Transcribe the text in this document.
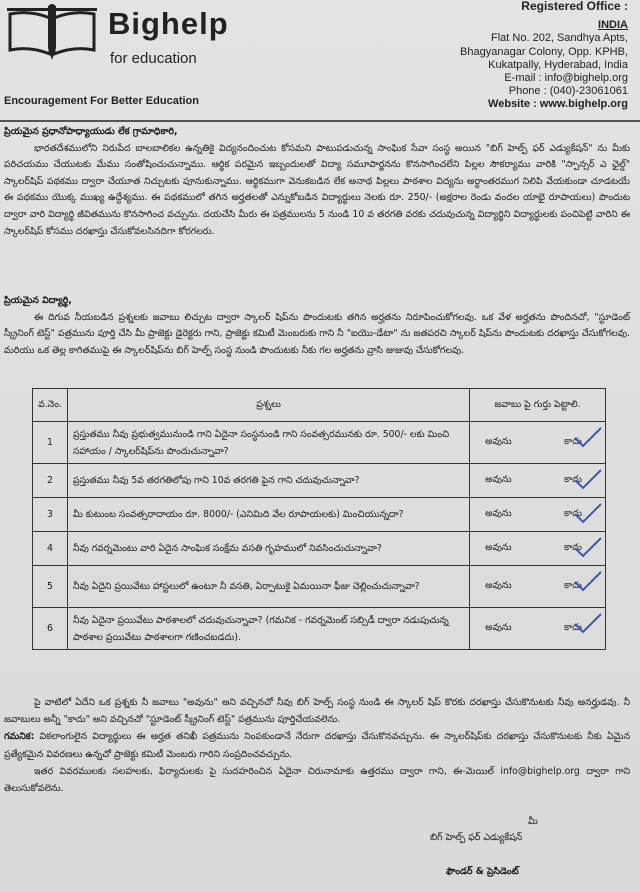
Bighelp
for education
Encouragement For Better Education
Registered Office :
INDIA
Flat No. 202, Sandhya Apts,
Bhagyanagar Colony, Opp. KPHB,
Kukatpally, Hyderabad, India
E-mail : info@bighelp.org
Phone : (040)-23061061
Website : www.bighelp.org
ప్రియమైన ప్రధానోపాధ్యాయుడు లేక గ్రామాధికారి,
భారతదేశములోని నిరుపేద బాలబాలికల ఉన్నతికై విద్యనందించుట కోసమని పాటుపడుచున్న సాంఘిక సేవా సంస్థ అయిన "బిగ్ హెల్ప్ ఫర్ ఎడ్యుకేషన్" ను మీకు పరిచయము చేయుటకు మేము సంతోషించుచున్నాము. ఆర్థిక పరమైన ఇబ్బందులతో విద్యా సమూపార్జనను కొనసాగించలేని పిల్లల సౌకర్యాము వారికి "స్పాన్సర్ ఎ ఛైల్డ్" స్కాలర్‌షిప్ పథకము ద్వారా చేయూత నిచ్చుటకు పూనుకున్నాము. ఆర్థికముగా వెనుకబడిన లేక అనాథ పిల్లలు పాఠశాల విద్యను అర్ధాంతరముగ నిలిపి వేయకుండా చూడటయే ఈ పథకము యొక్క ముఖ్య ఉద్దేశ్యము. ఈ పథకములో తగిన అర్హతలతో ఎన్నుకోబడిన విద్యార్థులు నెలకు రూ. 250/- (అక్షరాల రెండు వందల యాభై రూపాయలు) పొందుట ద్వారా వారి విద్యార్థి జీవితమును కొనసాగించ వచ్చును. దయచేసి మీరు ఈ పత్రములను 5 నుండి 10 వ తరగతి వరకు చదువుచున్న విద్యార్థిని విద్యార్థులకు పంచిపెట్టి వారిని ఈ స్కాలర్‌షిప్ కోసము దరఖాస్తు చేసుకోవలసినదిగా కోరగలరు.
ప్రియమైన విద్యార్థి,
ఈ దిగువ నీయబడిన ప్రశ్నలకు జవాబు లిచ్చుట ద్వారా స్కాలర్ షిప్‌ను పొందుటకు తగిన అర్హతను నిరూపించుకోగలవు. ఒక వేళ అర్హతను పొందినచో, "స్టూడెంట్ స్క్రీనింగ్ టెస్ట్" పత్రమును పూర్తి చేసి మీ ప్రాజెక్టు డైరెక్టరు గాని, ప్రాజెక్టు కమిటీ మెంబరుకు గాని నీ "ఐయొ-డేటా" ను జతపరచి స్కాలర్ షిప్‌ను పొందుటకు దరఖాస్తు చేసుకోగలవు. మరియు ఒక తెల్ల కాగితముపై ఈ స్కాలర్‌షిప్‌ను బిగ్ హెల్ప్ సంస్థ నుండి పొందుటకు నీకు గల అర్హతను వ్రాసి జుజువు చేసుకోగలవు.
వ.నెం.	ప్రశ్నలు	జవాబు పై గుర్తు పెట్టాలి.
1	ప్రస్తుతము నీవు ప్రభుత్వమునుండి గాని ఏదైనా సంస్థనుండి గాని సంవత్సరమునకు రూ. 500/- లకు మించి సహాయం / స్కాలర్‌షిప్‌ను పొందుచున్నావా?	అవును కాదు

2	ప్రస్తుతము నీవు 5వ తరగతిలోపు గాని 10వ తరగతి పైన గాని చదువుచున్నావా?	అవును కాదు

3	మీ కుటుంబ సంవత్సరాదాయం రూ. 8000/- (ఎనిమిది వేల రూపాయలకు) మించియున్నదా?	అవును కాదు

4	నీవు గవర్నమెంటు వారి ఏదైన సాంఘిక సంక్షేమ వసతి గృహములో నివసించుచున్నావా?	అవును కాదు

5	నీవు ఏదైని ప్రయివేటు హాస్టలులో ఉంటూ నీ వసతి, ఏర్పాటుకై ఏమయినా ఫీజు చెల్లించుచున్నావా?	అవును కాదు

6	నీవు ఏదైనా ప్రయివేటు పాఠశాలలో చదువుచున్నావా? (గమనిక - గవర్నమెంట్ సబ్సిడీ ద్వారా నడుపుచున్న పాఠశాల ప్రయివేటు పాఠశాలగా గణించబడదు).	అవును కాదు
పై వాటిలో ఏదేని ఒక ప్రశ్నకు నీ జవాబు "అవును" అని వచ్చినచో నీవు బిగ్ హెల్ప్ సంస్థ నుండి ఈ స్కాలర్ షిప్ కొరకు దరఖాస్తు చేసుకొనుటకు నీవు అనర్హుడవు. నీ జవాబులు అన్నీ "కాదు" అని వచ్చినచో "స్టూడెంట్ స్క్రీనింగ్ టెస్ట్" పత్రమును పూర్తిచేయవలెను.
గమనిక: వికలాంగులైన విద్యార్థులు ఈ అర్హత తనిఖీ పత్రమును నింపకుండానే నేరుగా దరఖాస్తు చేసుకొనవచ్చును. ఈ స్కాలర్‌షిప్‌కు దరఖాస్తు చేసుకొనుటకు నీకు ఏమైన ప్రత్యేకమైన వివరణలు ఉన్నచో ప్రాజెక్టు కమిటీ మెంబరు గారిని సంప్రదించవచ్చును.
ఇతర వివరములకు సలహలకు, ఫిర్యాదులకు పై సుదహరించిన ఏదైనా చిరునామాకు ఉత్తరము ద్వారా గాని, ఈ-మెయిల్ info@bighelp.org ద్వారా గాని తెలుసుకోవలెను.
మీ
బిగ్ హెల్ప్ ఫర్ ఎడ్యుకేషన్
ఫౌండర్ & ప్రెసిడెంట్
